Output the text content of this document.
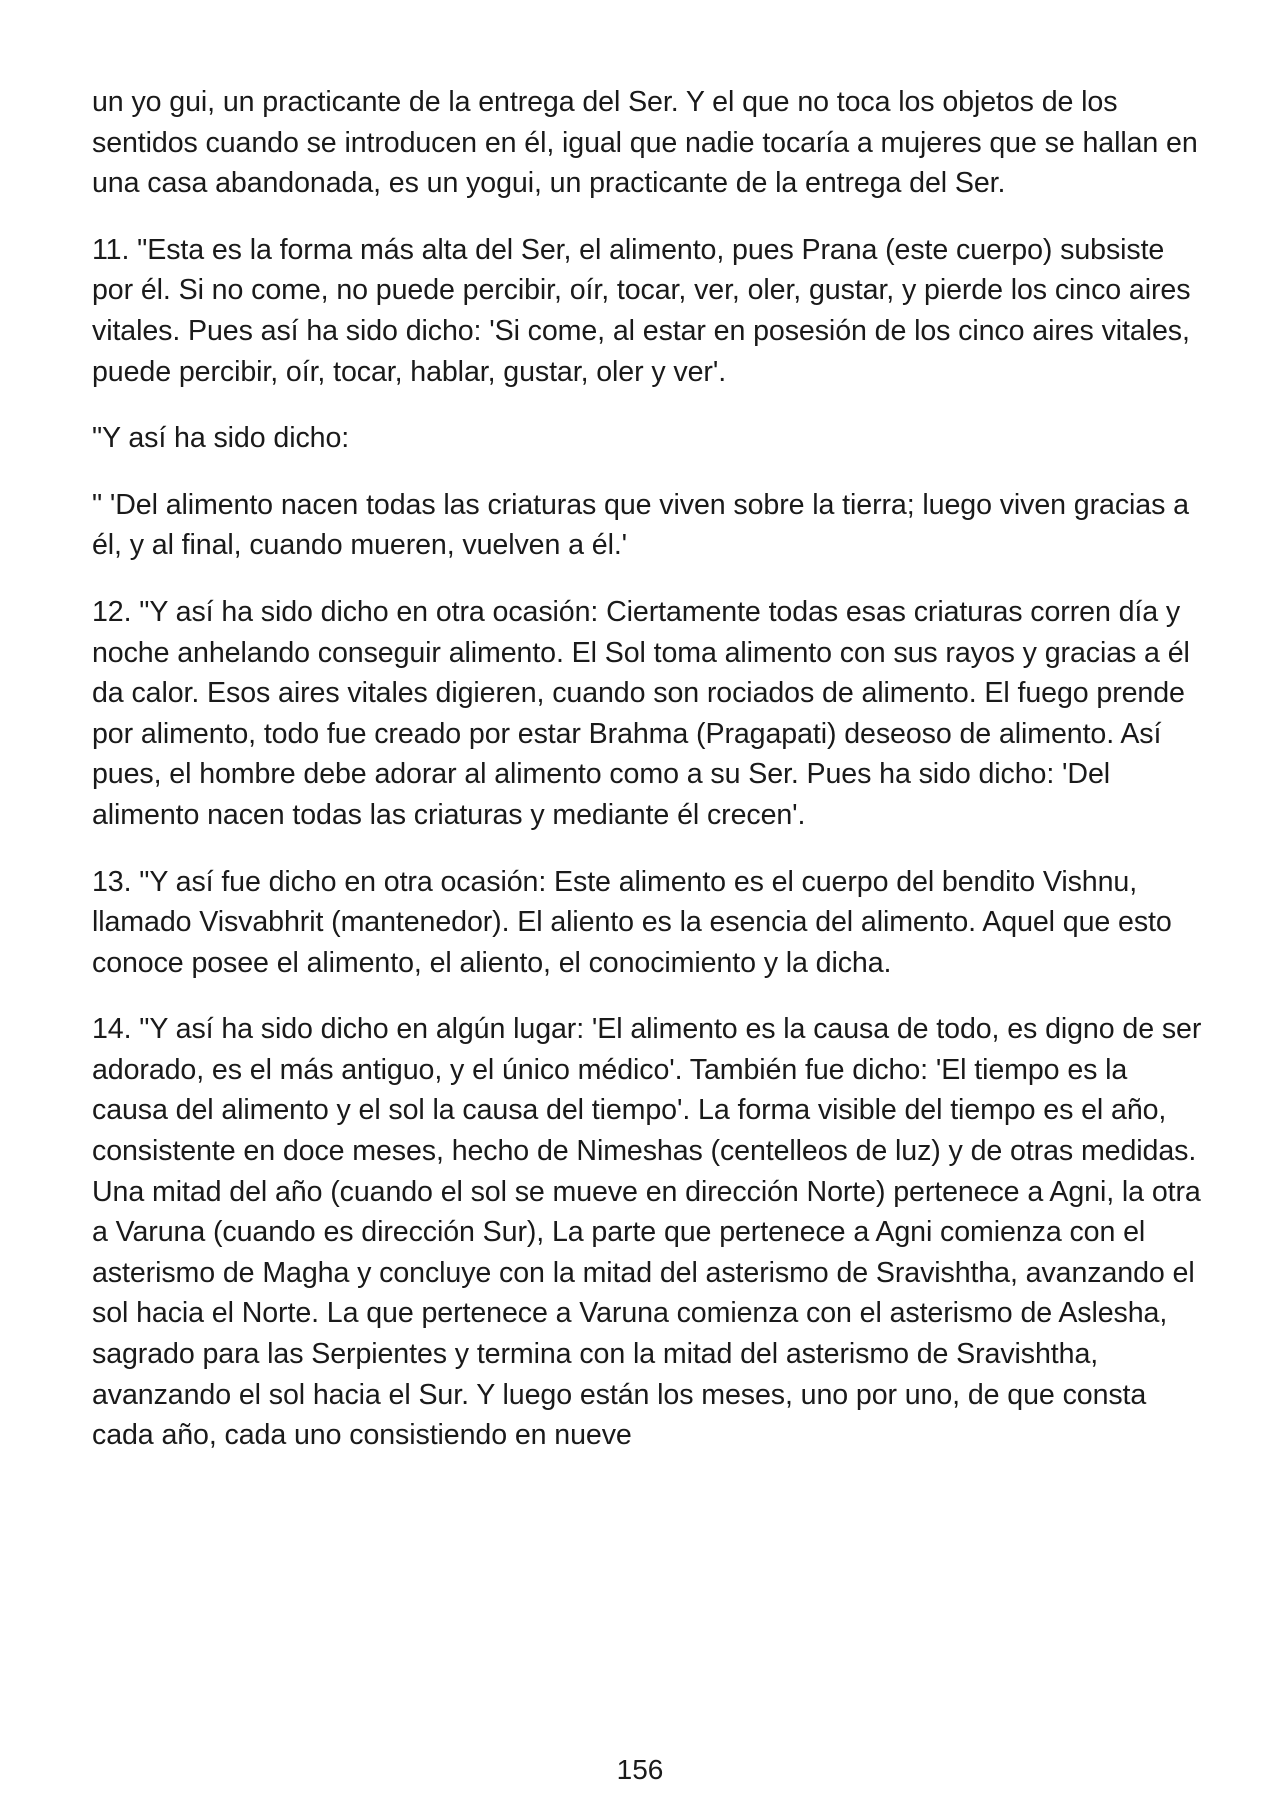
un yo gui, un practicante de la entrega del Ser. Y el que no toca los objetos de los sentidos cuando se introducen en él, igual que nadie tocaría a mujeres que se hallan en una casa abandonada, es un yogui, un practicante de la entrega del Ser.

11. "Esta es la forma más alta del Ser, el alimento, pues Prana (este cuerpo) subsiste por él. Si no come, no puede percibir, oír, tocar, ver, oler, gustar, y pierde los cinco aires vitales. Pues así ha sido dicho: 'Si come, al estar en posesión de los cinco aires vitales, puede percibir, oír, tocar, hablar, gustar, oler y ver'.

"Y así ha sido dicho:

" 'Del alimento nacen todas las criaturas que viven sobre la tierra; luego viven gracias a él, y al final, cuando mueren, vuelven a él.'

12. "Y así ha sido dicho en otra ocasión: Ciertamente todas esas criaturas corren día y noche anhelando conseguir alimento. El Sol toma alimento con sus rayos y gracias a él da calor. Esos aires vitales digieren, cuando son rociados de alimento. El fuego prende por alimento, todo fue creado por estar Brahma (Pragapati) deseoso de alimento. Así pues, el hombre debe adorar al alimento como a su Ser. Pues ha sido dicho: 'Del alimento nacen todas las criaturas y mediante él crecen'.

13. "Y así fue dicho en otra ocasión: Este alimento es el cuerpo del bendito Vishnu, llamado Visvabhrit (mantenedor). El aliento es la esencia del alimento. Aquel que esto conoce posee el alimento, el aliento, el conocimiento y la dicha.

14. "Y así ha sido dicho en algún lugar: 'El alimento es la causa de todo, es digno de ser adorado, es el más antiguo, y el único médico'. También fue dicho: 'El tiempo es la causa del alimento y el sol la causa del tiempo'. La forma visible del tiempo es el año, consistente en doce meses, hecho de Nimeshas (centelleos de luz) y de otras medidas. Una mitad del año (cuando el sol se mueve en dirección Norte) pertenece a Agni, la otra a Varuna (cuando es dirección Sur), La parte que pertenece a Agni comienza con el asterismo de Magha y concluye con la mitad del asterismo de Sravishtha, avanzando el sol hacia el Norte. La que pertenece a Varuna comienza con el asterismo de Aslesha, sagrado para las Serpientes y termina con la mitad del asterismo de Sravishtha, avanzando el sol hacia el Sur. Y luego están los meses, uno por uno, de que consta cada año, cada uno consistiendo en nueve

156
